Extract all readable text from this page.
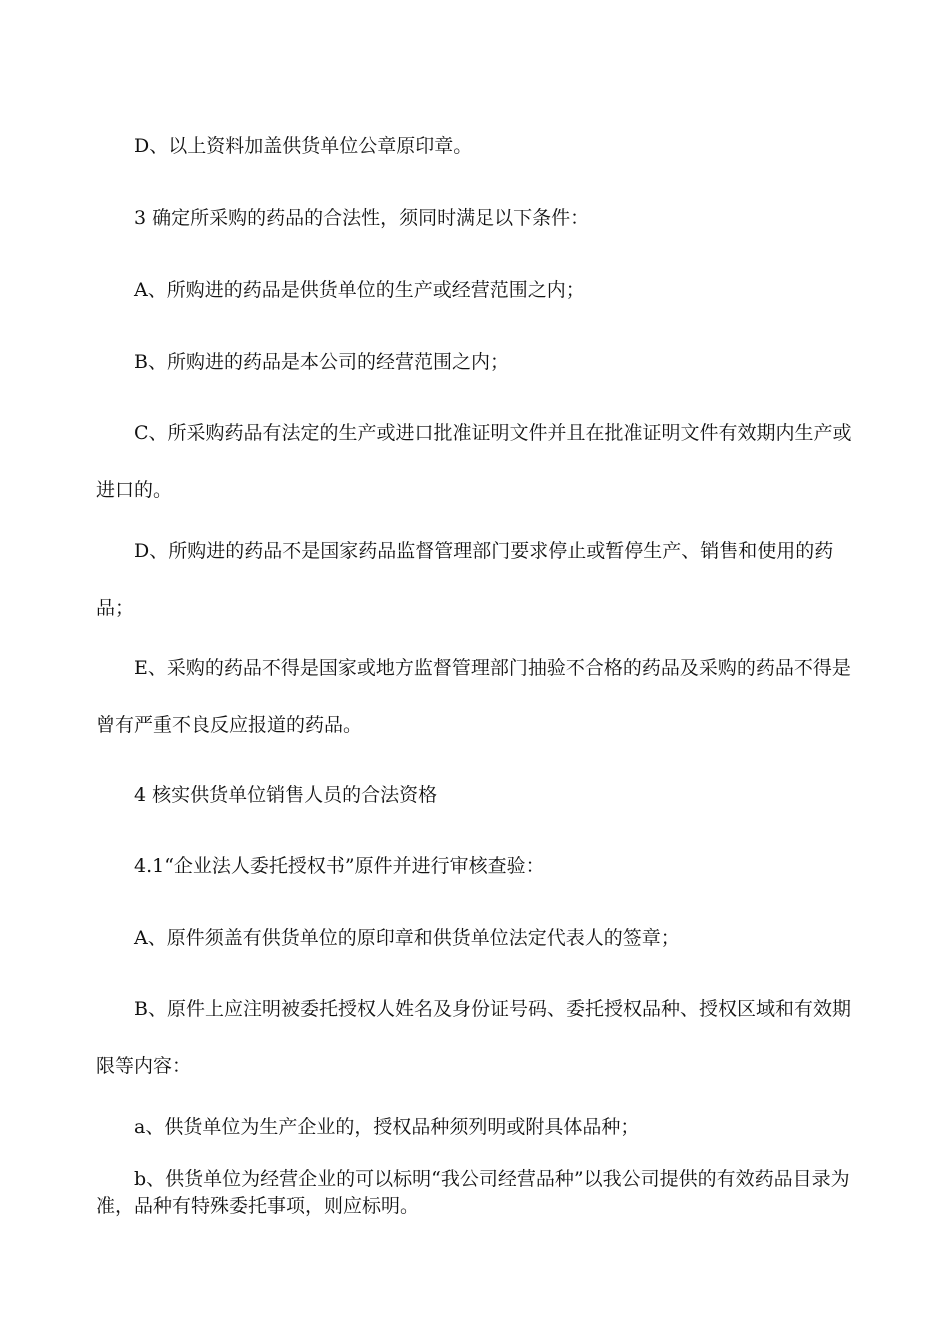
D、以上资料加盖供货单位公章原印章。

3 确定所采购的药品的合法性，须同时满足以下条件：

A、所购进的药品是供货单位的生产或经营范围之内；

B、所购进的药品是本公司的经营范围之内；

C、所采购药品有法定的生产或进口批准证明文件并且在批准证明文件有效期内生产或进口的。

D、所购进的药品不是国家药品监督管理部门要求停止或暂停生产、销售和使用的药品；

E、采购的药品不得是国家或地方监督管理部门抽验不合格的药品及采购的药品不得是曾有严重不良反应报道的药品。

4 核实供货单位销售人员的合法资格

4.1“企业法人委托授权书”原件并进行审核查验：

A、原件须盖有供货单位的原印章和供货单位法定代表人的签章；

B、原件上应注明被委托授权人姓名及身份证号码、委托授权品种、授权区域和有效期限等内容：

a、供货单位为生产企业的，授权品种须列明或附具体品种；

b、供货单位为经营企业的可以标明“我公司经营品种”以我公司提供的有效药品目录为准，品种有特殊委托事项，则应标明。
